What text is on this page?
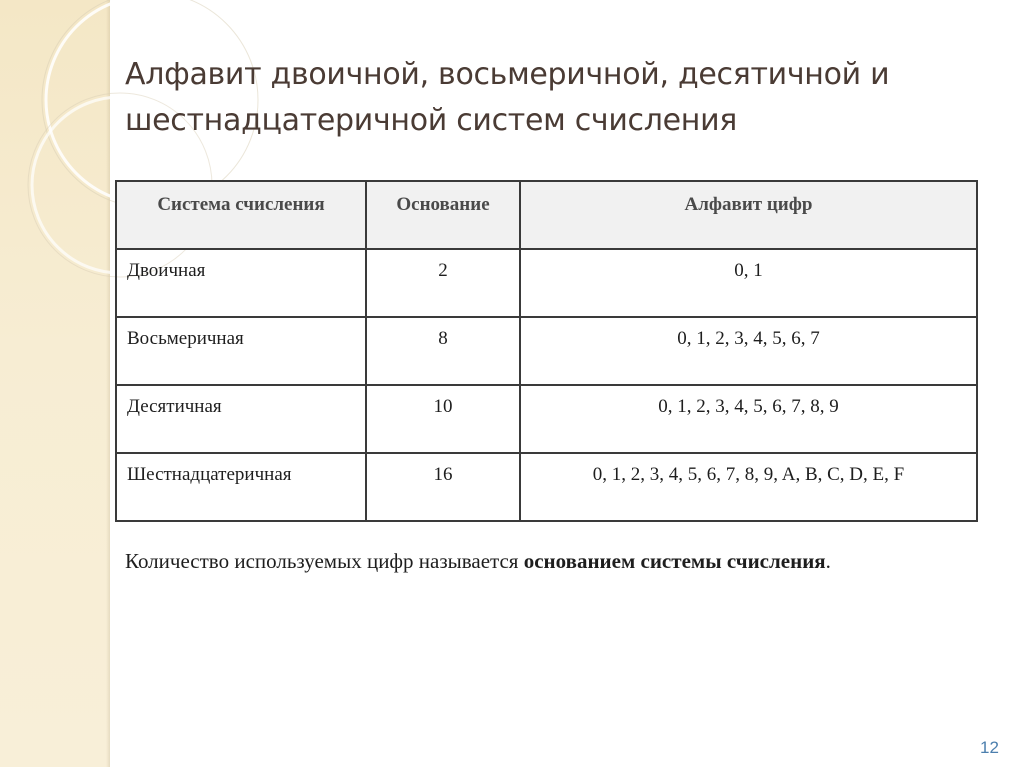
Алфавит двоичной, восьмеричной, десятичной и шестнадцатеричной систем счисления
Система счисления	Основание	Алфавит цифр
Двоичная	2	0, 1
Восьмеричная	8	0, 1, 2, 3, 4, 5, 6, 7
Десятичная	10	0, 1, 2, 3, 4, 5, 6, 7, 8, 9
Шестнадцатеричная	16	0, 1, 2, 3, 4, 5, 6, 7, 8, 9, A, B, C, D, E, F

Количество используемых цифр называется основанием системы счисления.

12
